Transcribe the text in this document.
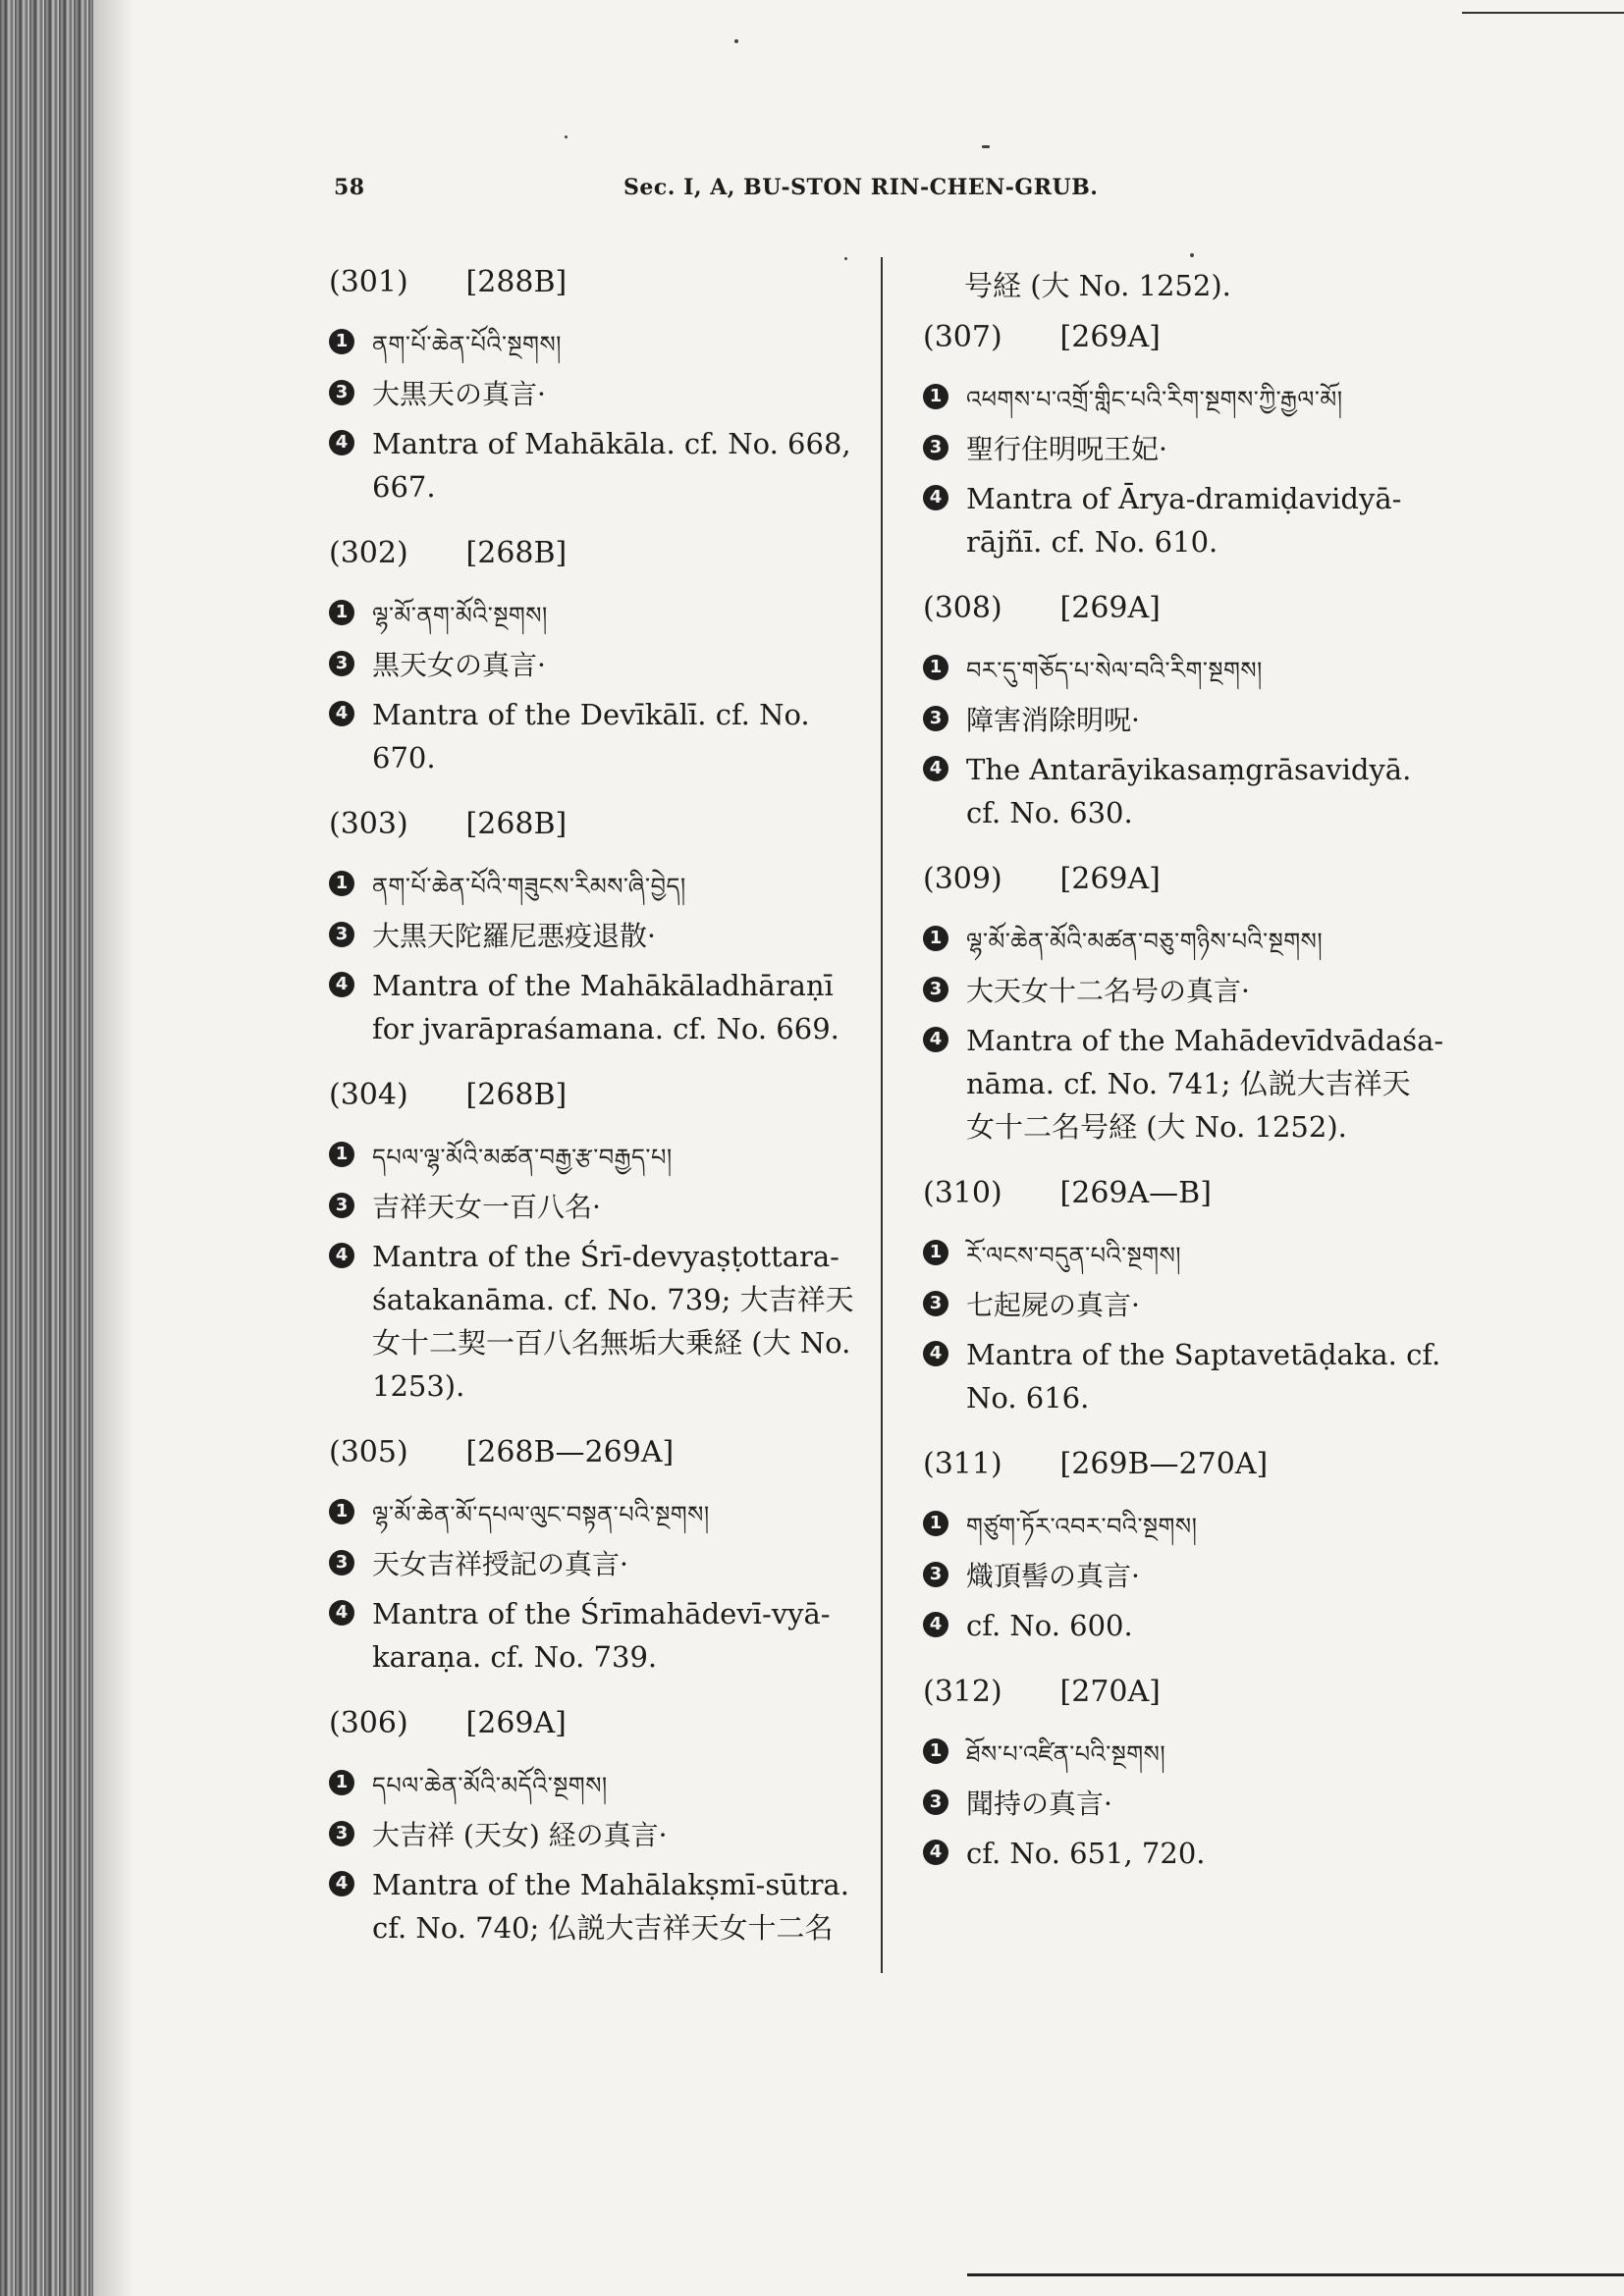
58	Sec. I, A, BU-STON RIN-CHEN-GRUB.
(301) [288B]
1 ནག་པོ་ཆེན་པོའི་སྔགས།
3 大黒天の真言·
4 Mantra of Mahākāla. cf. No. 668,
667.
(302) [268B]
1 ལྷ་མོ་ནག་མོའི་སྔགས།
3 黒天女の真言·
4 Mantra of the Devīkālī. cf. No.
670.
(303) [268B]
1 ནག་པོ་ཆེན་པོའི་གཟུངས་རིམས་ཞི་བྱེད།
3 大黒天陀羅尼悪疫退散·
4 Mantra of the Mahākāladhāraṇī
for jvarāpraśamana. cf. No. 669.
(304) [268B]
1 དཔལ་ལྷ་མོའི་མཚན་བརྒྱ་རྩ་བརྒྱད་པ།
3 吉祥天女一百八名·
4 Mantra of the Śrī-devyaṣṭottara-
śatakanāma. cf. No. 739; 大吉祥天
女十二契一百八名無垢大乗経 (大 No.
1253).
(305) [268B—269A]
1 ལྷ་མོ་ཆེན་མོ་དཔལ་ལུང་བསྟན་པའི་སྔགས།
3 天女吉祥授記の真言·
4 Mantra of the Śrīmahādevī-vyā-
karaṇa. cf. No. 739.
(306) [269A]
1 དཔལ་ཆེན་མོའི་མདོའི་སྔགས།
3 大吉祥 (天女) 経の真言·
4 Mantra of the Mahālakṣmī-sūtra.
cf. No. 740; 仏説大吉祥天女十二名
号経 (大 No. 1252).
(307) [269A]
1 འཕགས་པ་འགྲོ་གླིང་པའི་རིག་སྔགས་ཀྱི་རྒྱལ་མོ།
3 聖行住明呪王妃·
4 Mantra of Ārya-dramiḍavidyā-
rājñī. cf. No. 610.
(308) [269A]
1 བར་དུ་གཅོད་པ་སེལ་བའི་རིག་སྔགས།
3 障害消除明呪·
4 The Antarāyikasaṃgrāsavidyā.
cf. No. 630.
(309) [269A]
1 ལྷ་མོ་ཆེན་མོའི་མཚན་བཅུ་གཉིས་པའི་སྔགས།
3 大天女十二名号の真言·
4 Mantra of the Mahādevīdvādaśa-
nāma. cf. No. 741; 仏説大吉祥天
女十二名号経 (大 No. 1252).
(310) [269A—B]
1 རོ་ལངས་བདུན་པའི་སྔགས།
3 七起屍の真言·
4 Mantra of the Saptavetāḍaka. cf.
No. 616.
(311) [269B—270A]
1 གཙུག་ཏོར་འབར་བའི་སྔགས།
3 熾頂髻の真言·
4 cf. No. 600.
(312) [270A]
1 ཐོས་པ་འཛིན་པའི་སྔགས།
3 聞持の真言·
4 cf. No. 651, 720.
